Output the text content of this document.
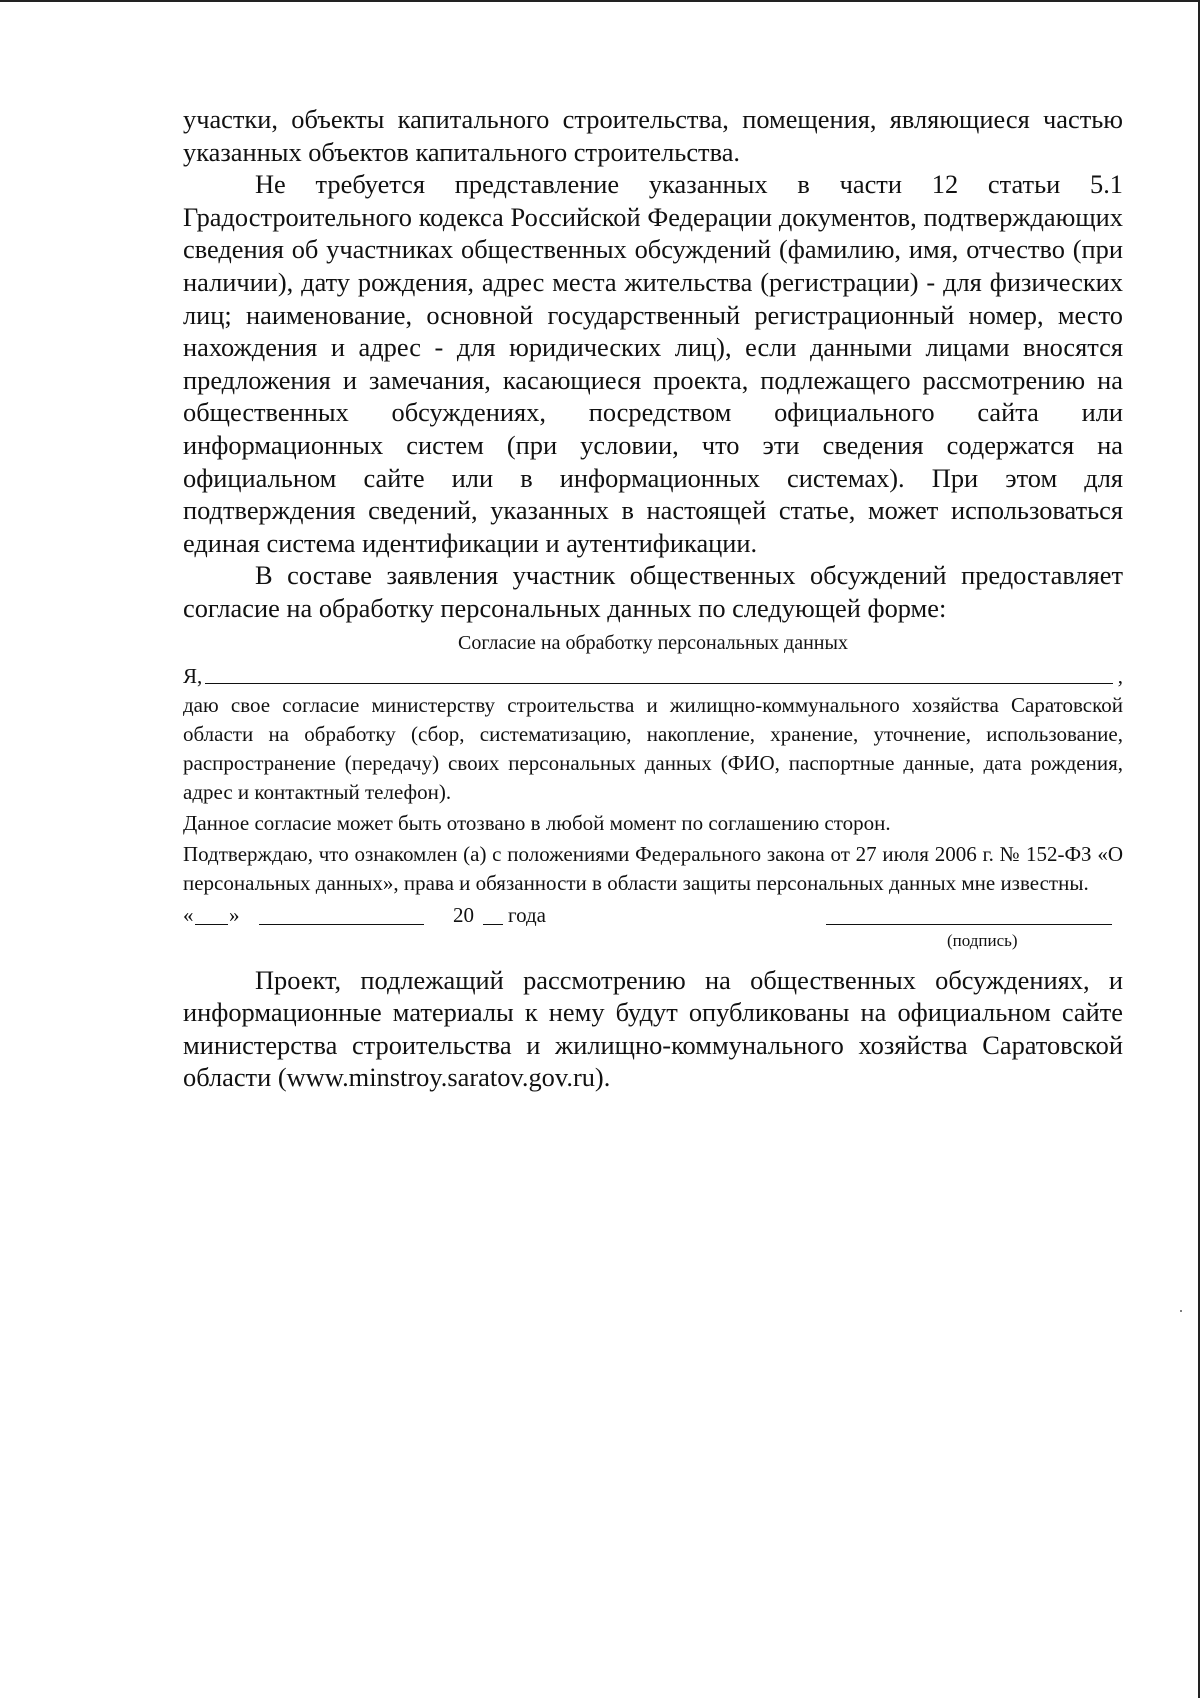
участки, объекты капитального строительства, помещения, являющиеся частью указанных объектов капитального строительства.

Не требуется представление указанных в части 12 статьи 5.1 Градостроительного кодекса Российской Федерации документов, подтверждающих сведения об участниках общественных обсуждений (фамилию, имя, отчество (при наличии), дату рождения, адрес места жительства (регистрации) - для физических лиц; наименование, основной государственный регистрационный номер, место нахождения и адрес - для юридических лиц), если данными лицами вносятся предложения и замечания, касающиеся проекта, подлежащего рассмотрению на общественных обсуждениях, посредством официального сайта или информационных систем (при условии, что эти сведения содержатся на официальном сайте или в информационных системах). При этом для подтверждения сведений, указанных в настоящей статье, может использоваться единая система идентификации и аутентификации.

В составе заявления участник общественных обсуждений предоставляет согласие на обработку персональных данных по следующей форме:

Согласие на обработку персональных данных
Я,	,

даю свое согласие министерству строительства и жилищно-коммунального хозяйства Саратовской области на обработку (сбор, систематизацию, накопление, хранение, уточнение, использование, распространение (передачу) своих персональных данных (ФИО, паспортные данные, дата рождения, адрес и контактный телефон).

Данное согласие может быть отозвано в любой момент по соглашению сторон.

Подтверждаю, что ознакомлен (а) с положениями Федерального закона от 27 июля 2006 г. № 152-ФЗ «О персональных данных», права и обязанности в области защиты персональных данных мне известны.

« »	20 года

(подпись)

Проект, подлежащий рассмотрению на общественных обсуждениях, и информационные материалы к нему будут опубликованы на официальном сайте министерства строительства и жилищно-коммунального хозяйства Саратовской области (www.minstroy.saratov.gov.ru).
